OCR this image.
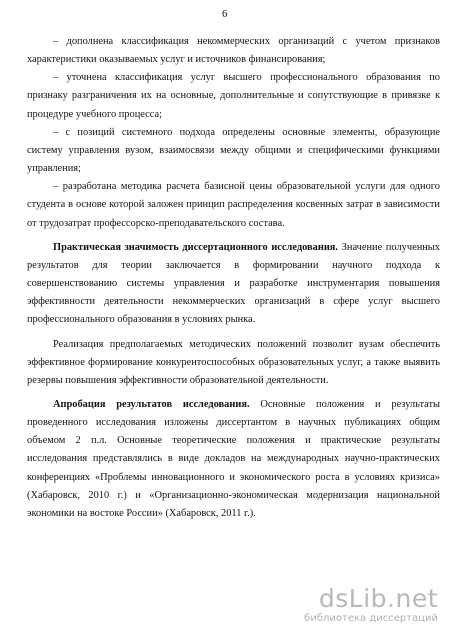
6

– дополнена классификация некоммерческих организаций с учетом признаков характеристики оказываемых услуг и источников финансирования;

– уточнена классификация услуг высшего профессионального образования по признаку разграничения их на основные, дополнительные и сопутствующие в привязке к процедуре учебного процесса;

– с позиций системного подхода определены основные элементы, образующие систему управления вузом, взаимосвязи между общими и специфическими функциями управления;

– разработана методика расчета базисной цены образовательной услуги для одного студента в основе которой заложен принцип распределения косвенных затрат в зависимости от трудозатрат профессорско-преподавательского состава.

Практическая значимость диссертационного исследования. Значение полученных результатов для теории заключается в формировании научного подхода к совершенствованию системы управления и разработке инструментария повышения эффективности деятельности некоммерческих организаций в сфере услуг высшего профессионального образования в условиях рынка.

Реализация предполагаемых методических положений позволит вузам обеспечить эффективное формирование конкурентоспособных образовательных услуг, а также выявить резервы повышения эффективности образовательной деятельности.

Апробация результатов исследования. Основные положения и результаты проведенного исследования изложены диссертантом в научных публикациях общим объемом 2 п.л. Основные теоретические положения и практические результаты исследования представлялись в виде докладов на международных научно-практических конференциях «Проблемы инновационного и экономического роста в условиях кризиса» (Хабаровск, 2010 г.) и «Организационно-экономическая модернизация национальной экономики на востоке России» (Хабаровск, 2011 г.).

dsLib.net
библиотека диссертаций
